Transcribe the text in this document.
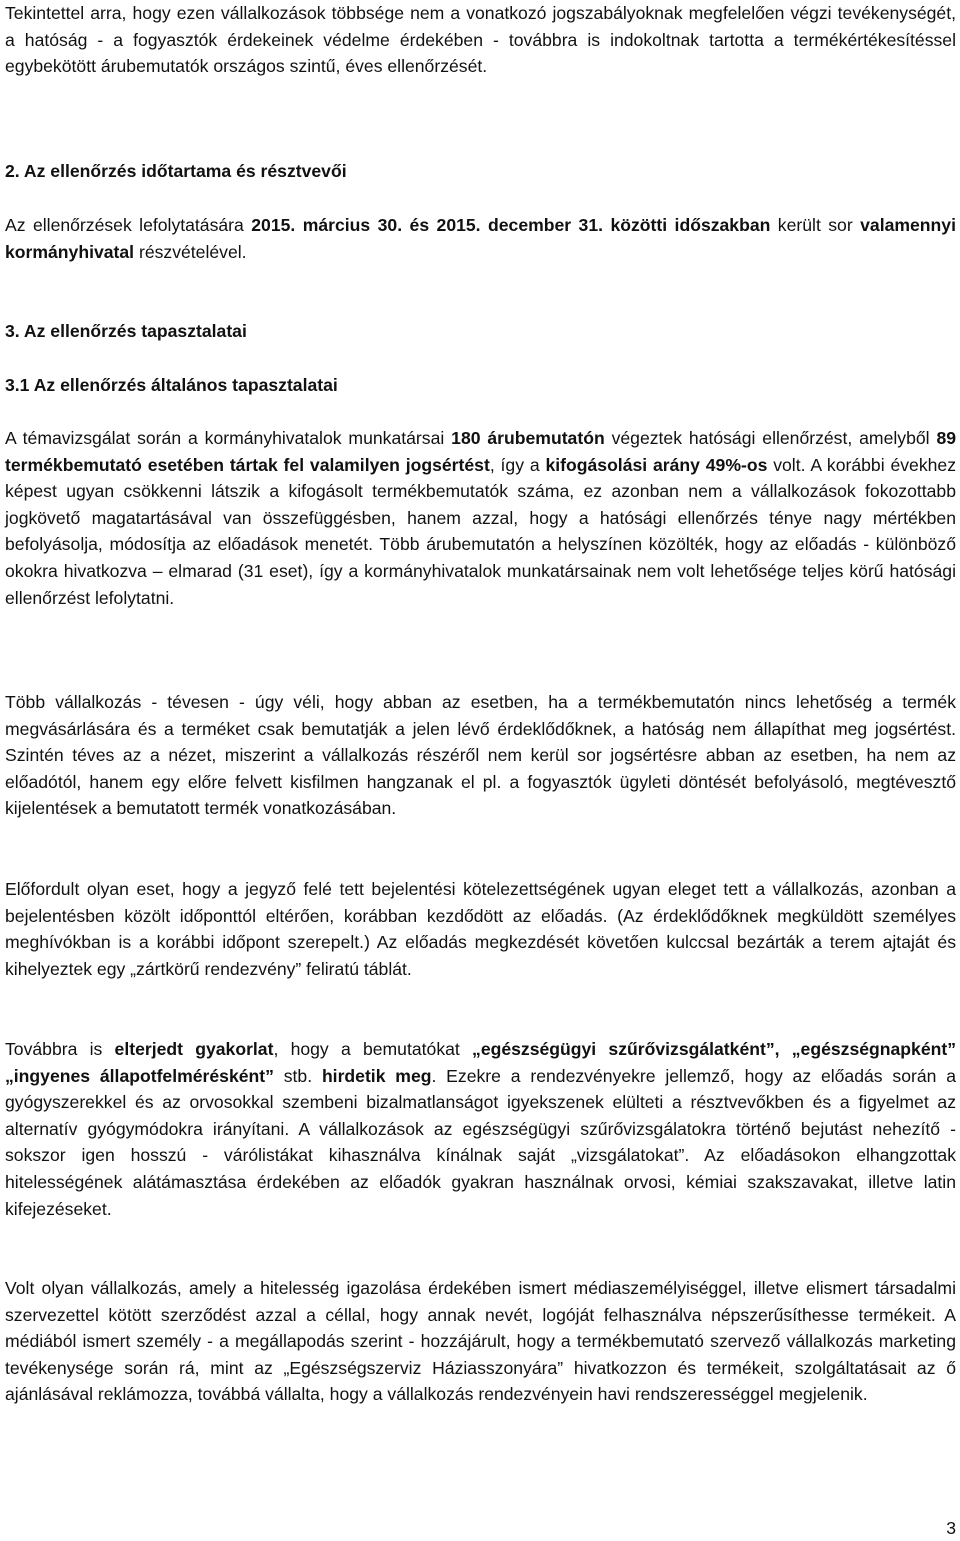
Tekintettel arra, hogy ezen vállalkozások többsége nem a vonatkozó jogszabályoknak megfelelően végzi tevékenységét, a hatóság - a fogyasztók érdekeinek védelme érdekében - továbbra is indokoltnak tartotta a termékértékesítéssel egybekötött árubemutatók országos szintű, éves ellenőrzését.

2. Az ellenőrzés időtartama és résztvevői

Az ellenőrzések lefolytatására 2015. március 30. és 2015. december 31. közötti időszakban került sor valamennyi kormányhivatal részvételével.

3. Az ellenőrzés tapasztalatai

3.1 Az ellenőrzés általános tapasztalatai

A témavizsgálat során a kormányhivatalok munkatársai 180 árubemutatón végeztek hatósági ellenőrzést, amelyből 89 termékbemutató esetében tártak fel valamilyen jogsértést, így a kifogásolási arány 49%-os volt. A korábbi évekhez képest ugyan csökkenni látszik a kifogásolt termékbemutatók száma, ez azonban nem a vállalkozások fokozottabb jogkövető magatartásával van összefüggésben, hanem azzal, hogy a hatósági ellenőrzés ténye nagy mértékben befolyásolja, módosítja az előadások menetét. Több árubemutatón a helyszínen közölték, hogy az előadás - különböző okokra hivatkozva – elmarad (31 eset), így a kormányhivatalok munkatársainak nem volt lehetősége teljes körű hatósági ellenőrzést lefolytatni.

Több vállalkozás - tévesen - úgy véli, hogy abban az esetben, ha a termékbemutatón nincs lehetőség a termék megvásárlására és a terméket csak bemutatják a jelen lévő érdeklődőknek, a hatóság nem állapíthat meg jogsértést. Szintén téves az a nézet, miszerint a vállalkozás részéről nem kerül sor jogsértésre abban az esetben, ha nem az előadótól, hanem egy előre felvett kisfilmen hangzanak el pl. a fogyasztók ügyleti döntését befolyásoló, megtévesztő kijelentések a bemutatott termék vonatkozásában.

Előfordult olyan eset, hogy a jegyző felé tett bejelentési kötelezettségének ugyan eleget tett a vállalkozás, azonban a bejelentésben közölt időponttól eltérően, korábban kezdődött az előadás. (Az érdeklődőknek megküldött személyes meghívókban is a korábbi időpont szerepelt.) Az előadás megkezdését követően kulccsal bezárták a terem ajtaját és kihelyeztek egy „zártkörű rendezvény” feliratú táblát.

Továbbra is elterjedt gyakorlat, hogy a bemutatókat „egészségügyi szűrővizsgálatként”, „egészségnapként” „ingyenes állapotfelmérésként” stb. hirdetik meg. Ezekre a rendezvényekre jellemző, hogy az előadás során a gyógyszerekkel és az orvosokkal szembeni bizalmatlanságot igyekszenek elülteti a résztvevőkben és a figyelmet az alternatív gyógymódokra irányítani. A vállalkozások az egészségügyi szűrővizsgálatokra történő bejutást nehezítő - sokszor igen hosszú - várólistákat kihasználva kínálnak saját „vizsgálatokat”. Az előadásokon elhangzottak hitelességének alátámasztása érdekében az előadók gyakran használnak orvosi, kémiai szakszavakat, illetve latin kifejezéseket.

Volt olyan vállalkozás, amely a hitelesség igazolása érdekében ismert médiaszemélyiséggel, illetve elismert társadalmi szervezettel kötött szerződést azzal a céllal, hogy annak nevét, logóját felhasználva népszerűsíthesse termékeit. A médiából ismert személy - a megállapodás szerint - hozzájárult, hogy a termékbemutató szervező vállalkozás marketing tevékenysége során rá, mint az „Egészségszerviz Háziasszonyára” hivatkozzon és termékeit, szolgáltatásait az ő ajánlásával reklámozza, továbbá vállalta, hogy a vállalkozás rendezvényein havi rendszerességgel megjelenik.

3
